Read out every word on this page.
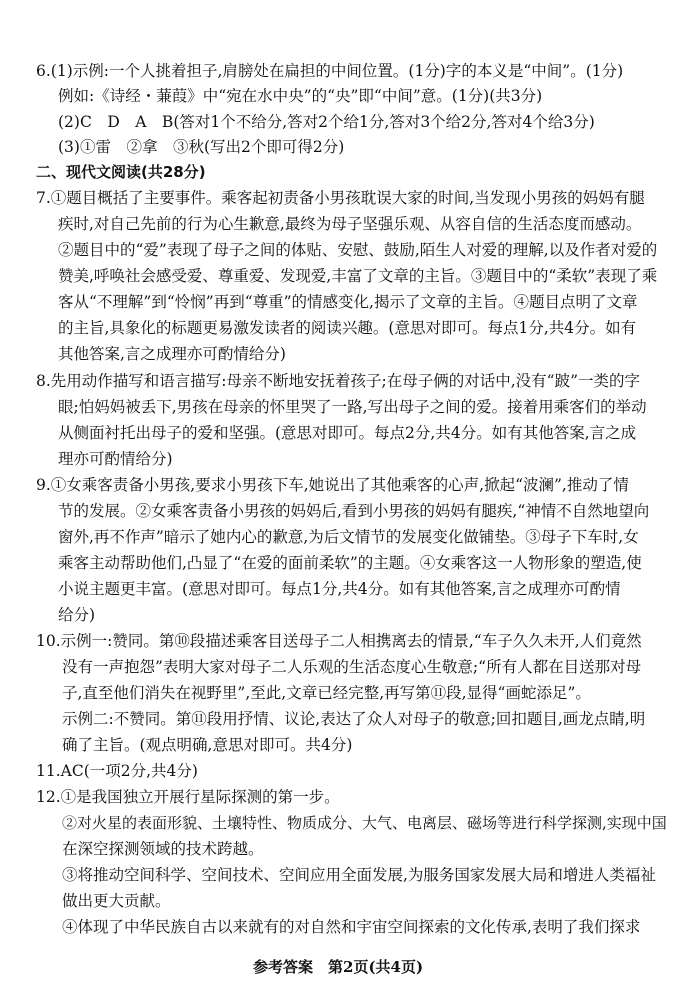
6.(1)示例:一个人挑着担子,肩膀处在扁担的中间位置。(1分)字的本义是“中间”。(1分)
例如:《诗经・蒹葭》中“宛在水中央”的“央”即“中间”意。(1分)(共3分)
(2)C　D　A　B(答对1个不给分,答对2个给1分,答对3个给2分,答对4个给3分)
(3)①雷　②拿　③秋(写出2个即可得2分)
二、现代文阅读(共28分)
7.①题目概括了主要事件。乘客起初责备小男孩耽误大家的时间,当发现小男孩的妈妈有腿
疾时,对自己先前的行为心生歉意,最终为母子坚强乐观、从容自信的生活态度而感动。
②题目中的“爱”表现了母子之间的体贴、安慰、鼓励,陌生人对爱的理解,以及作者对爱的
赞美,呼唤社会感受爱、尊重爱、发现爱,丰富了文章的主旨。③题目中的“柔软”表现了乘
客从“不理解”到“怜悯”再到“尊重”的情感变化,揭示了文章的主旨。④题目点明了文章
的主旨,具象化的标题更易激发读者的阅读兴趣。(意思对即可。每点1分,共4分。如有
其他答案,言之成理亦可酌情给分)
8.先用动作描写和语言描写:母亲不断地安抚着孩子;在母子俩的对话中,没有“跛”一类的字
眼;怕妈妈被丢下,男孩在母亲的怀里哭了一路,写出母子之间的爱。接着用乘客们的举动
从侧面衬托出母子的爱和坚强。(意思对即可。每点2分,共4分。如有其他答案,言之成
理亦可酌情给分)
9.①女乘客责备小男孩,要求小男孩下车,她说出了其他乘客的心声,掀起“波澜”,推动了情
节的发展。②女乘客责备小男孩的妈妈后,看到小男孩的妈妈有腿疾,“神情不自然地望向
窗外,再不作声”暗示了她内心的歉意,为后文情节的发展变化做铺垫。③母子下车时,女
乘客主动帮助他们,凸显了“在爱的面前柔软”的主题。④女乘客这一人物形象的塑造,使
小说主题更丰富。(意思对即可。每点1分,共4分。如有其他答案,言之成理亦可酌情
给分)
10.示例一:赞同。第⑩段描述乘客目送母子二人相携离去的情景,“车子久久未开,人们竟然
没有一声抱怨”表明大家对母子二人乐观的生活态度心生敬意;“所有人都在目送那对母
子,直至他们消失在视野里”,至此,文章已经完整,再写第⑪段,显得“画蛇添足”。
示例二:不赞同。第⑪段用抒情、议论,表达了众人对母子的敬意;回扣题目,画龙点睛,明
确了主旨。(观点明确,意思对即可。共4分)
11.AC(一项2分,共4分)
12.①是我国独立开展行星际探测的第一步。
②对火星的表面形貌、土壤特性、物质成分、大气、电离层、磁场等进行科学探测,实现中国
在深空探测领域的技术跨越。
③将推动空间科学、空间技术、空间应用全面发展,为服务国家发展大局和增进人类福祉
做出更大贡献。
④体现了中华民族自古以来就有的对自然和宇宙空间探索的文化传承,表明了我们探求
参考答案　第2页(共4页)
